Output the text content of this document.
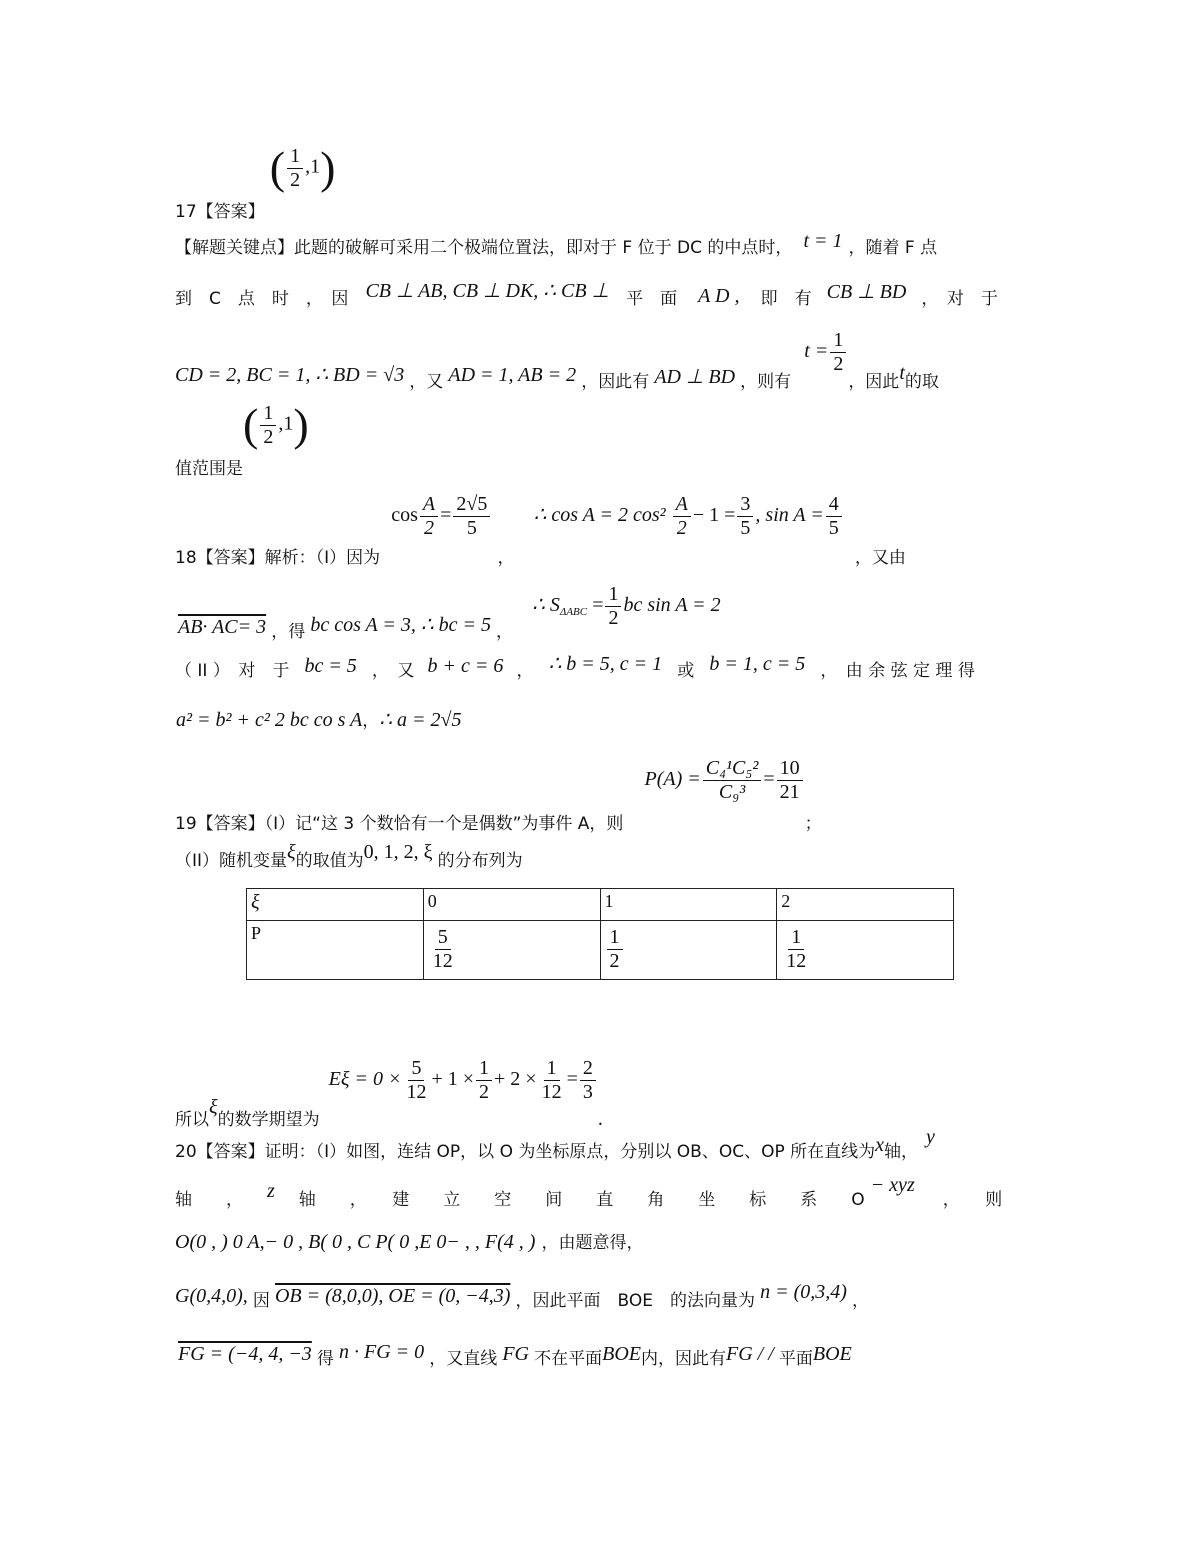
17【答案】 ( $\frac{1}{2} ,1$)
【解题关键点】此题的破解可采用二个极端位置法，即对于 F 位于 DC 的中点时， t = 1 ，随着 F 点
到　C　点　时　，　因 CB ⊥ AB, CB ⊥ DK, ∴ CB ⊥ 平　面 A D , 即　有 CB ⊥ BD ，　对　于
CD = 2, BC = 1, ∴ BD = √3 ，又 AD = 1, AB = 2 ，因此有 AD ⊥ BD ，则有 $t = \frac{1}{2}$
，因此t的取
值范围是( $\frac{1}{2} ,1$)
18【答案】解析：（I）因为 $\cos \frac{A}{2} = \frac{2√5}{5}$
， ∴ cos A = 2 $\cos^2 \frac{A}{2} - 1 = \frac{3}{5}$ , $\sin A = \frac{4}{5}$
，又由
AB· AC= 3 ，得 bc cos A = 3, ∴ bc = 5 ， ∴ $S_{\Delta ABC} = \frac{1}{2}$ bc sin A = 2
（ II ）　对　于 bc = 5 ，　又 b + c = 6 ， ∴ b = 5, c = 1 或 b = 1, c = 5 ，　由 余 弦 定 理 得
a² = b² + c² 2 bc co s A，∴ a = 2√5
19【答案】（I）记“这 3 个数恰有一个是偶数”为事件 A，则 $P(A) = \frac{\text{C₄¹C₅²}}{\text{C₉³}} = \frac{10}{21}$
；
（II）随机变量ξ的取值为0, 1, 2, ξ 的分布列为
ξ	0	1	2
P	$\frac{5}{12}$	$\frac{1}{2}$	$\frac{1}{12}$
所以ξ的数学期望为 $E\xi = 0 \times \frac{5}{12} + 1 \times \frac{1}{2} + 2 \times \frac{1}{12} = \frac{2}{3}$
.
20【答案】证明：（I）如图，连结 OP，以 O 为坐标原点，分别以 OB、OC、OP 所在直线为x轴，y
轴　　， z 轴　　，　　建　　立　　空　　间　　直　　角　　坐　　标　　系　　O− xyz，　　则
O(0 , ) 0 A,− 0 , B( 0 , C P( 0 ,E 0− , , F(4 , ) ，由题意得，
G(0,4,0), 因 OB = (8,0,0), OE = (0, −4,3) ，因此平面　BOE　的法向量为 n = (0,3,4) ，
FG = (−4, 4, −3 得 n · FG = 0 ，又直线 FG 不在平面BOE内，因此有FG / / 平面BOE
